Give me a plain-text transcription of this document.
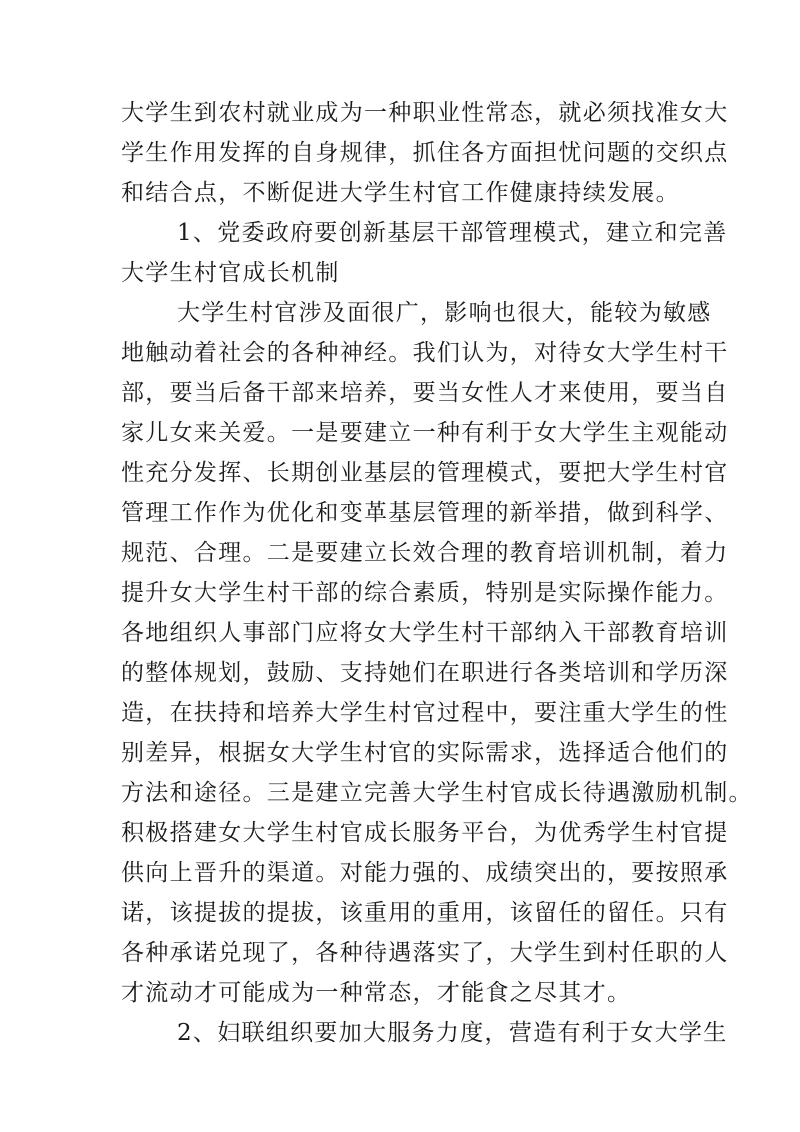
大学生到农村就业成为一种职业性常态，就必须找准女大
学生作用发挥的自身规律，抓住各方面担忧问题的交织点
和结合点，不断促进大学生村官工作健康持续发展。
1、党委政府要创新基层干部管理模式，建立和完善
大学生村官成长机制
大学生村官涉及面很广，影响也很大，能较为敏感
地触动着社会的各种神经。我们认为，对待女大学生村干
部，要当后备干部来培养，要当女性人才来使用，要当自
家儿女来关爱。一是要建立一种有利于女大学生主观能动
性充分发挥、长期创业基层的管理模式，要把大学生村官
管理工作作为优化和变革基层管理的新举措，做到科学、
规范、合理。二是要建立长效合理的教育培训机制，着力
提升女大学生村干部的综合素质，特别是实际操作能力。
各地组织人事部门应将女大学生村干部纳入干部教育培训
的整体规划，鼓励、支持她们在职进行各类培训和学历深
造，在扶持和培养大学生村官过程中，要注重大学生的性
别差异，根据女大学生村官的实际需求，选择适合他们的
方法和途径。三是建立完善大学生村官成长待遇激励机制。
积极搭建女大学生村官成长服务平台，为优秀学生村官提
供向上晋升的渠道。对能力强的、成绩突出的，要按照承
诺，该提拔的提拔，该重用的重用，该留任的留任。只有
各种承诺兑现了，各种待遇落实了，大学生到村任职的人
才流动才可能成为一种常态，才能食之尽其才。
2、妇联组织要加大服务力度，营造有利于女大学生
